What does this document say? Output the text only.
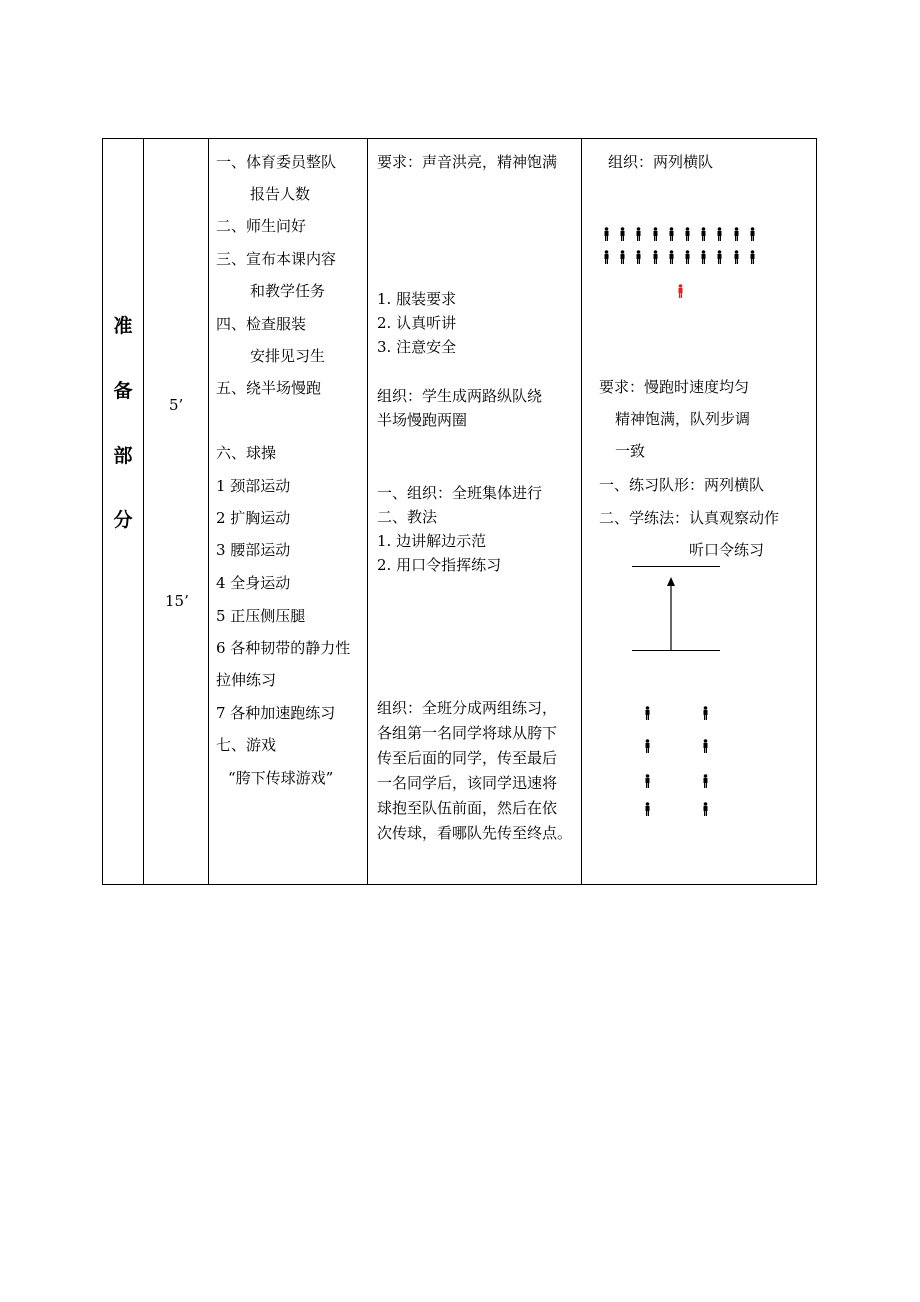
准
备
部
分
5’
15’
一、体育委员整队
报告人数
二、师生问好
三、宣布本课内容
和教学任务
四、检查服装
安排见习生
五、绕半场慢跑
六、球操
1 颈部运动
2 扩胸运动
3 腰部运动
4 全身运动
5 正压侧压腿
6 各种韧带的静力性
拉伸练习
7 各种加速跑练习
七、游戏
“胯下传球游戏”
要求：声音洪亮，精神饱满
1. 服装要求
2. 认真听讲
3. 注意安全
组织：学生成两路纵队绕
半场慢跑两圈
一、组织：全班集体进行
二、教法
1. 边讲解边示范
2. 用口令指挥练习
组织：全班分成两组练习，
各组第一名同学将球从胯下
传至后面的同学，传至最后
一名同学后，该同学迅速将
球抱至队伍前面，然后在依
次传球，看哪队先传至终点。
组织：两列横队
要求：慢跑时速度均匀
精神饱满，队列步调
一致
一、练习队形：两列横队
二、学练法：认真观察动作
听口令练习
